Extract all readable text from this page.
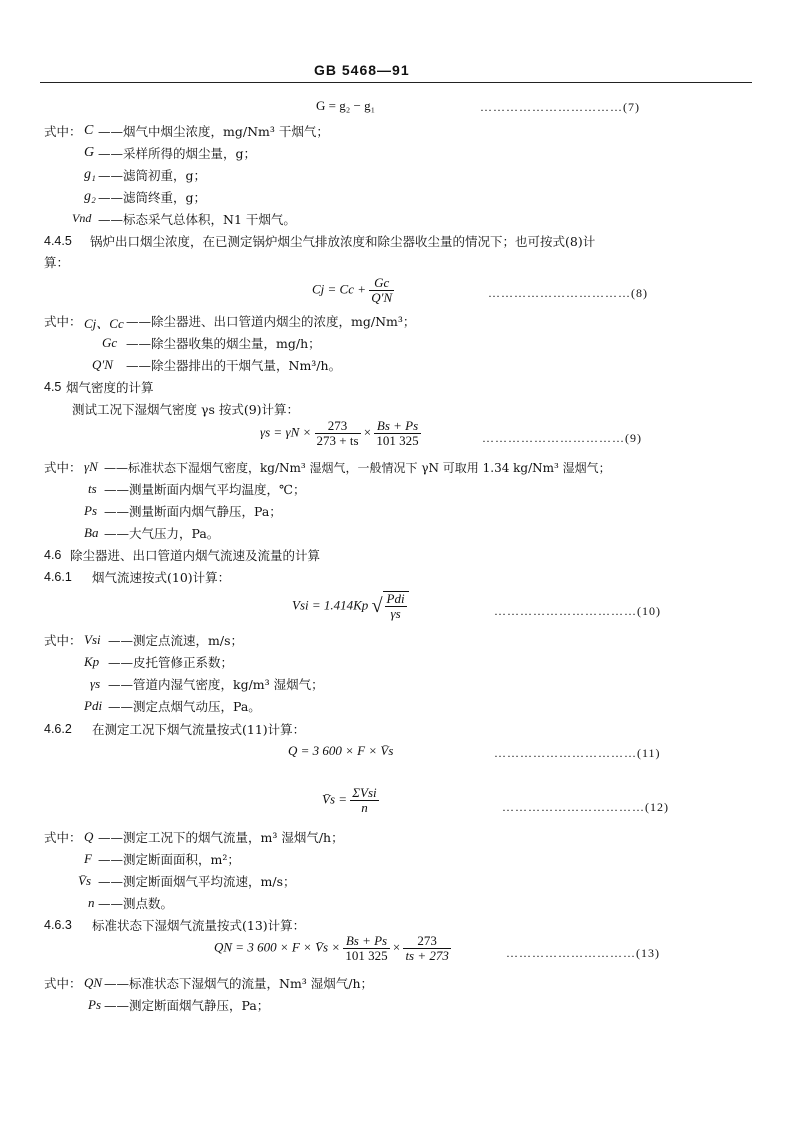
GB 5468—91
G = g₂ − g₁	……………………………(7)
式中： C ——烟气中烟尘浓度，mg/Nm³ 干烟气；
G ——采样所得的烟尘量，g；
g₁ ——滤筒初重，g；
g₂ ——滤筒终重，g；
Vnd ——标态采气总体积，N1 干烟气。
4.4.5 锅炉出口烟尘浓度，在已测定锅炉烟尘气排放浓度和除尘器收尘量的情况下；也可按式(8)计
算：
$Cj = Cc + \frac{Gc}{Q'N}$	……………………………(8)
式中： Cj、Cc ——除尘器进、出口管道内烟尘的浓度，mg/Nm³；
Gc ——除尘器收集的烟尘量，mg/h；
Q′N ——除尘器排出的干烟气量，Nm³/h。
4.5 烟气密度的计算
测试工况下湿烟气密度 γs 按式(9)计算：
$\gamma s = \gamma N \times \frac{273}{273 + ts} \times \frac{Bs + Ps}{101 325}$	……………………………(9)
式中： γN ——标准状态下湿烟气密度，kg/Nm³ 湿烟气，一般情况下 γN 可取用 1.34 kg/Nm³ 湿烟气；
ts ——测量断面内烟气平均温度，℃；
Ps ——测量断面内烟气静压，Pa；
Ba ——大气压力，Pa。
4.6 除尘器进、出口管道内烟气流速及流量的计算
4.6.1 烟气流速按式(10)计算：
Vsi = 1.414Kp √ $\frac{\text{Pdi}}{\gamma s}$	……………………………(10)
式中： Vsi ——测定点流速，m/s；
Kp ——皮托管修正系数；
γs ——管道内湿气密度，kg/m³ 湿烟气；
Pdi ——测定点烟气动压，Pa。
4.6.2 在测定工况下烟气流量按式(11)计算：
Q = 3 600 × F × V̄s	……………………………(11)
V̄s = $\frac{\text{ΣVsi}}{n}$	……………………………(12)
式中： Q ——测定工况下的烟气流量，m³ 湿烟气/h；
F ——测定断面面积，m²；
V̄s ——测定断面烟气平均流速，m/s；
n ——测点数。
4.6.3 标准状态下湿烟气流量按式(13)计算：
QN = 3 600 × F × V̄s × $\frac{Bs + Ps}{101 325} \times \frac{273}{ts + 273}$	…………………………(13)
式中： QN ——标准状态下湿烟气的流量，Nm³ 湿烟气/h；
Ps ——测定断面烟气静压，Pa；
